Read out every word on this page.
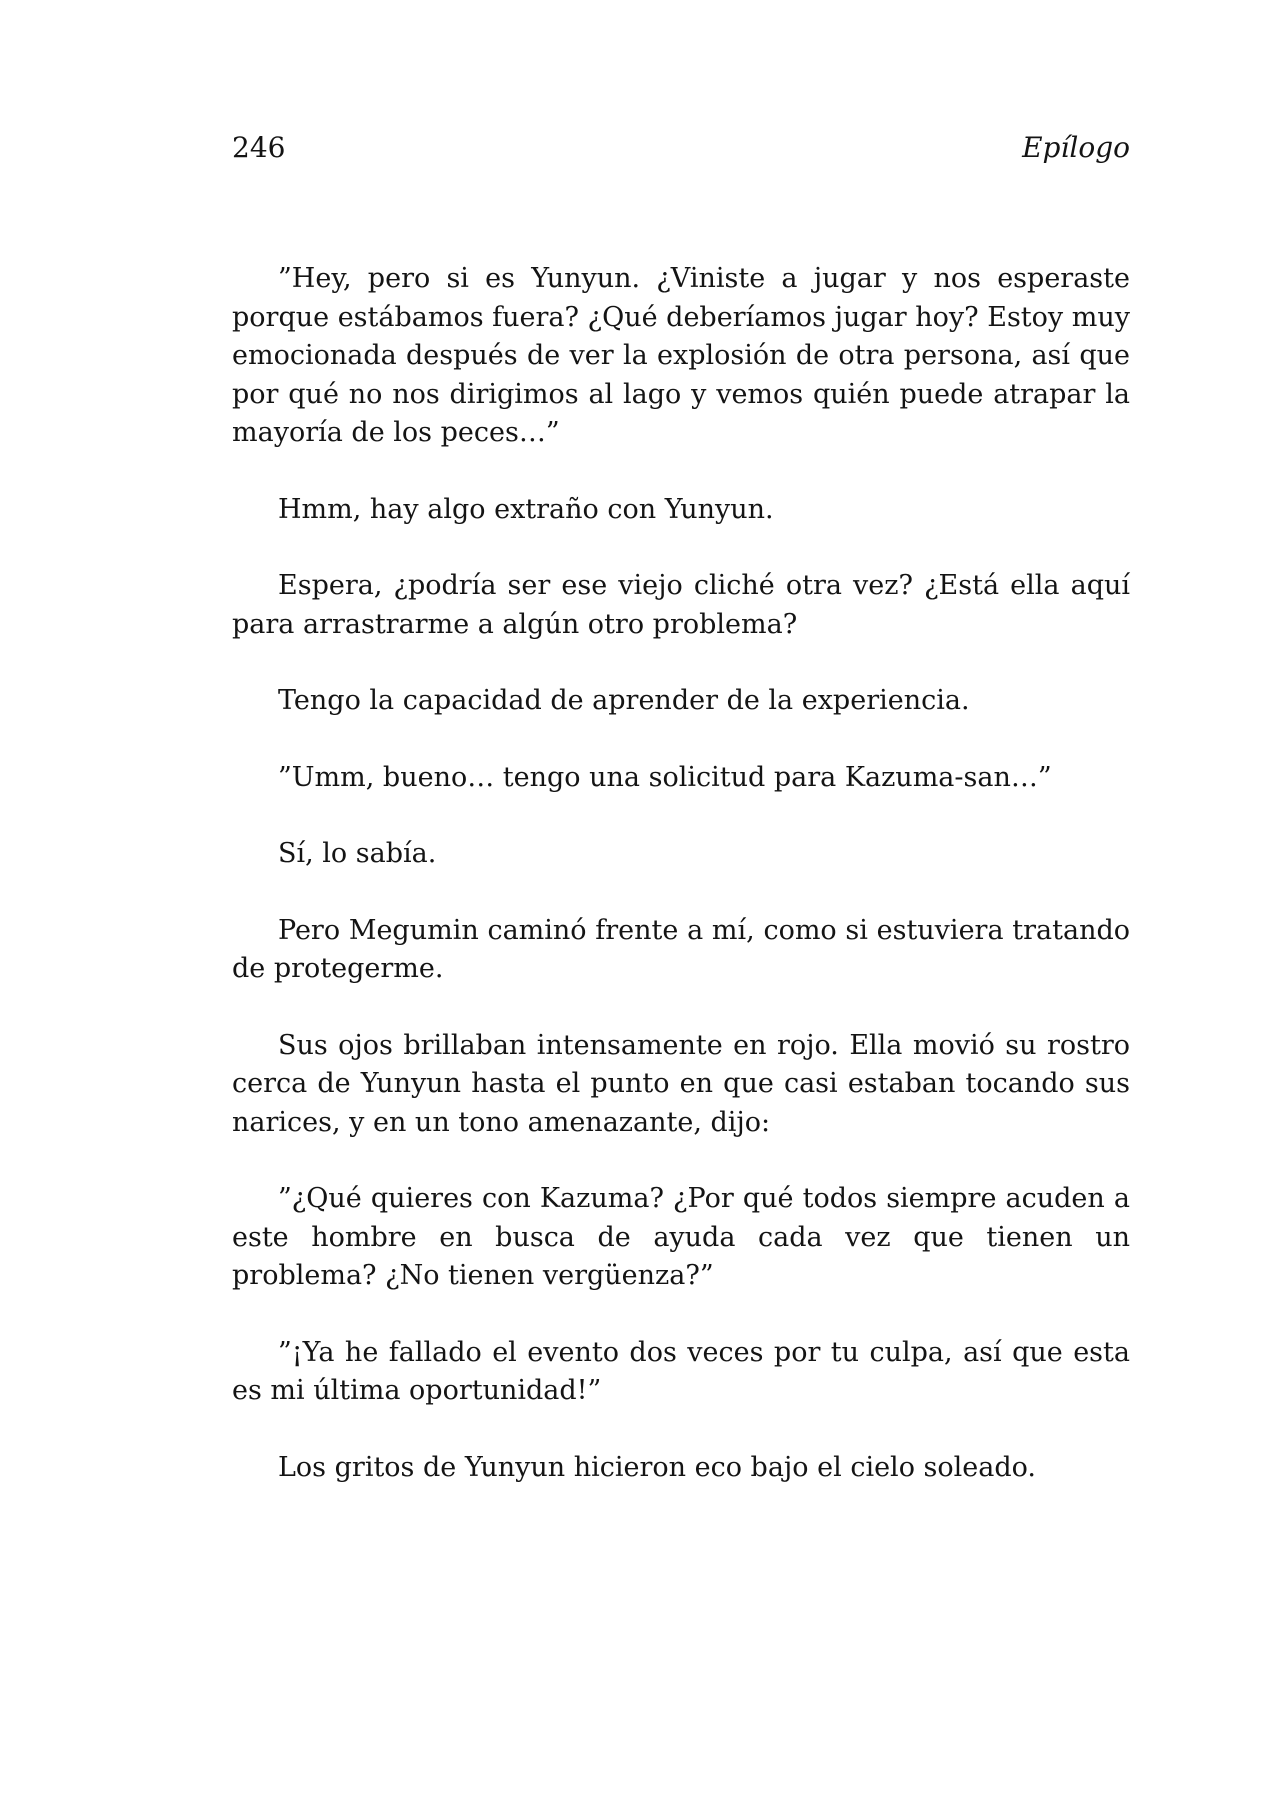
246	Epílogo

”Hey, pero si es Yunyun. ¿Viniste a jugar y nos esperaste porque estábamos fuera? ¿Qué deberíamos jugar hoy? Estoy muy emocionada después de ver la explosión de otra persona, así que por qué no nos dirigimos al lago y vemos quién puede atrapar la mayoría de los peces…”

Hmm, hay algo extraño con Yunyun.

Espera, ¿podría ser ese viejo cliché otra vez? ¿Está ella aquí para arrastrarme a algún otro problema?

Tengo la capacidad de aprender de la experiencia.

”Umm, bueno… tengo una solicitud para Kazuma-san…”

Sí, lo sabía.

Pero Megumin caminó frente a mí, como si estuviera tratando de protegerme.

Sus ojos brillaban intensamente en rojo. Ella movió su rostro cerca de Yunyun hasta el punto en que casi estaban tocando sus narices, y en un tono amenazante, dijo:

”¿Qué quieres con Kazuma? ¿Por qué todos siempre acuden a este hombre en busca de ayuda cada vez que tienen un problema? ¿No tienen vergüenza?”

”¡Ya he fallado el evento dos veces por tu culpa, así que esta es mi última oportunidad!”

Los gritos de Yunyun hicieron eco bajo el cielo soleado.
